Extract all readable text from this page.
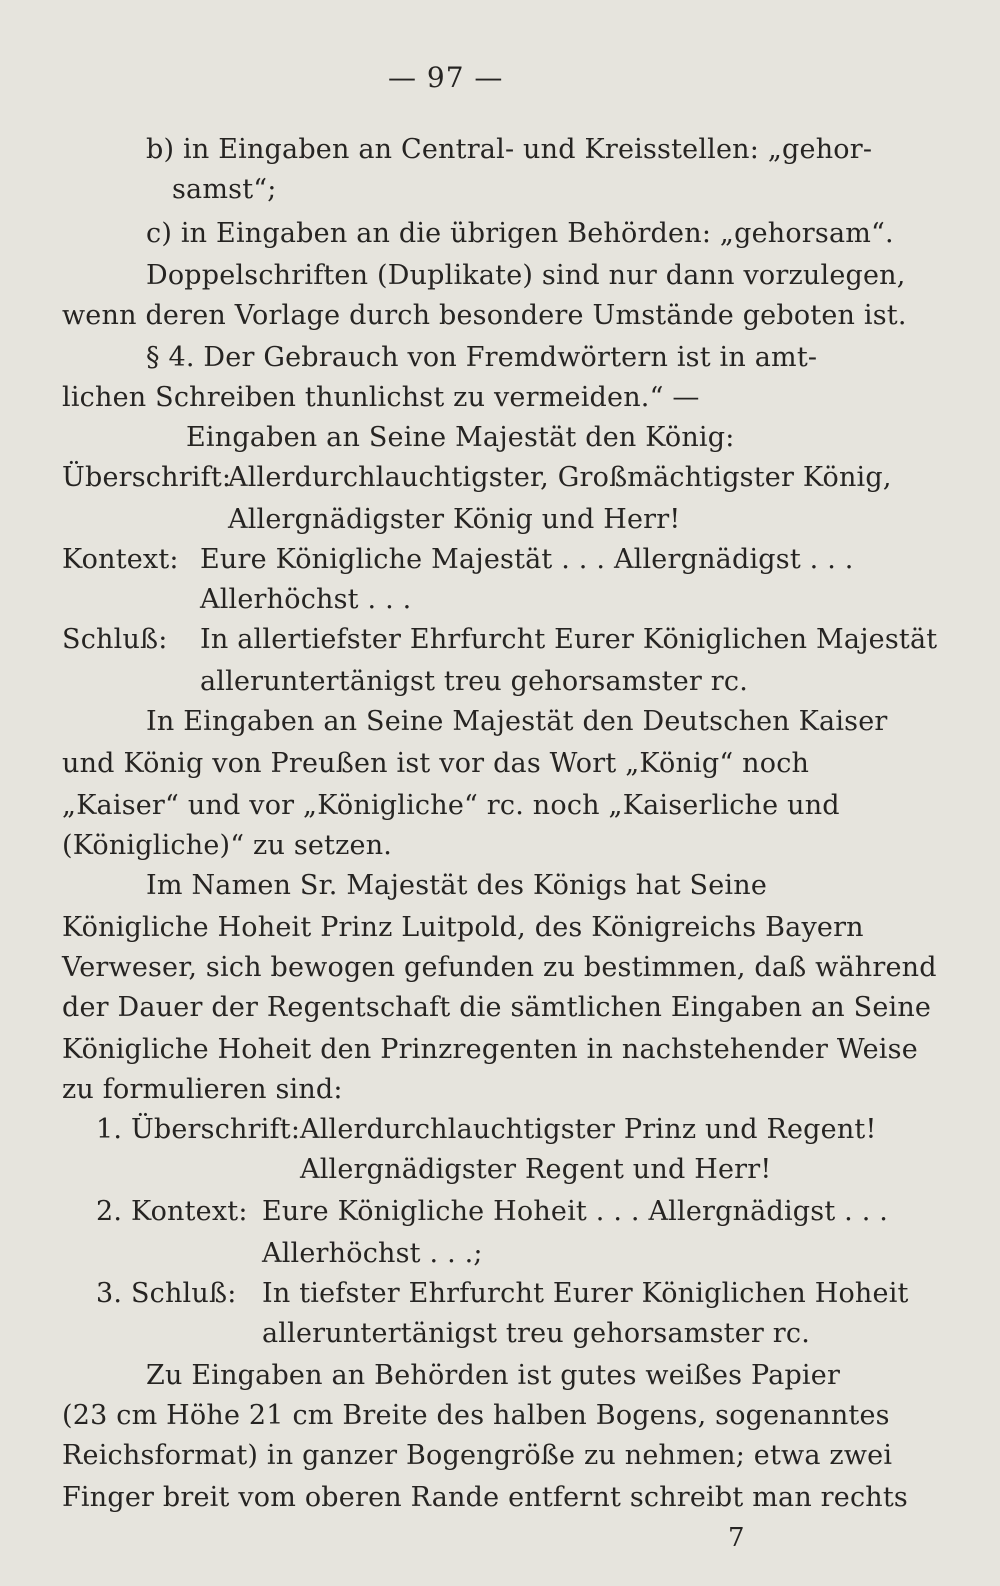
— 97 —
b) in Eingaben an Central- und Kreisstellen: „gehor-
samst“;
c) in Eingaben an die übrigen Behörden: „gehorsam“.
Doppelschriften (Duplikate) sind nur dann vorzulegen,
wenn deren Vorlage durch besondere Umstände geboten ist.
§ 4. Der Gebrauch von Fremdwörtern ist in amt-
lichen Schreiben thunlichst zu vermeiden.“ —
Eingaben an Seine Majestät den König:
Überschrift:
Allerdurchlauchtigster, Großmächtigster König,
Allergnädigster König und Herr!
Kontext: Eure Königliche Majestät . . . Allergnädigst . . .
Allerhöchst . . .
Schluß: In allertiefster Ehrfurcht Eurer Königlichen Majestät
alleruntertänigst treu gehorsamster rc.
In Eingaben an Seine Majestät den Deutschen Kaiser
und König von Preußen ist vor das Wort „König“ noch
„Kaiser“ und vor „Königliche“ rc. noch „Kaiserliche und
(Königliche)“ zu setzen.
Im Namen Sr. Majestät des Königs hat Seine
Königliche Hoheit Prinz Luitpold, des Königreichs Bayern
Verweser, sich bewogen gefunden zu bestimmen, daß während
der Dauer der Regentschaft die sämtlichen Eingaben an Seine
Königliche Hoheit den Prinzregenten in nachstehender Weise
zu formulieren sind:
1. Überschrift: Allerdurchlauchtigster Prinz und Regent!
Allergnädigster Regent und Herr!
2. Kontext: Eure Königliche Hoheit . . . Allergnädigst . . .
Allerhöchst . . .;
3. Schluß: In tiefster Ehrfurcht Eurer Königlichen Hoheit
alleruntertänigst treu gehorsamster rc.
Zu Eingaben an Behörden ist gutes weißes Papier
(23 cm Höhe 21 cm Breite des halben Bogens, sogenanntes
Reichsformat) in ganzer Bogengröße zu nehmen; etwa zwei
Finger breit vom oberen Rande entfernt schreibt man rechts
7
